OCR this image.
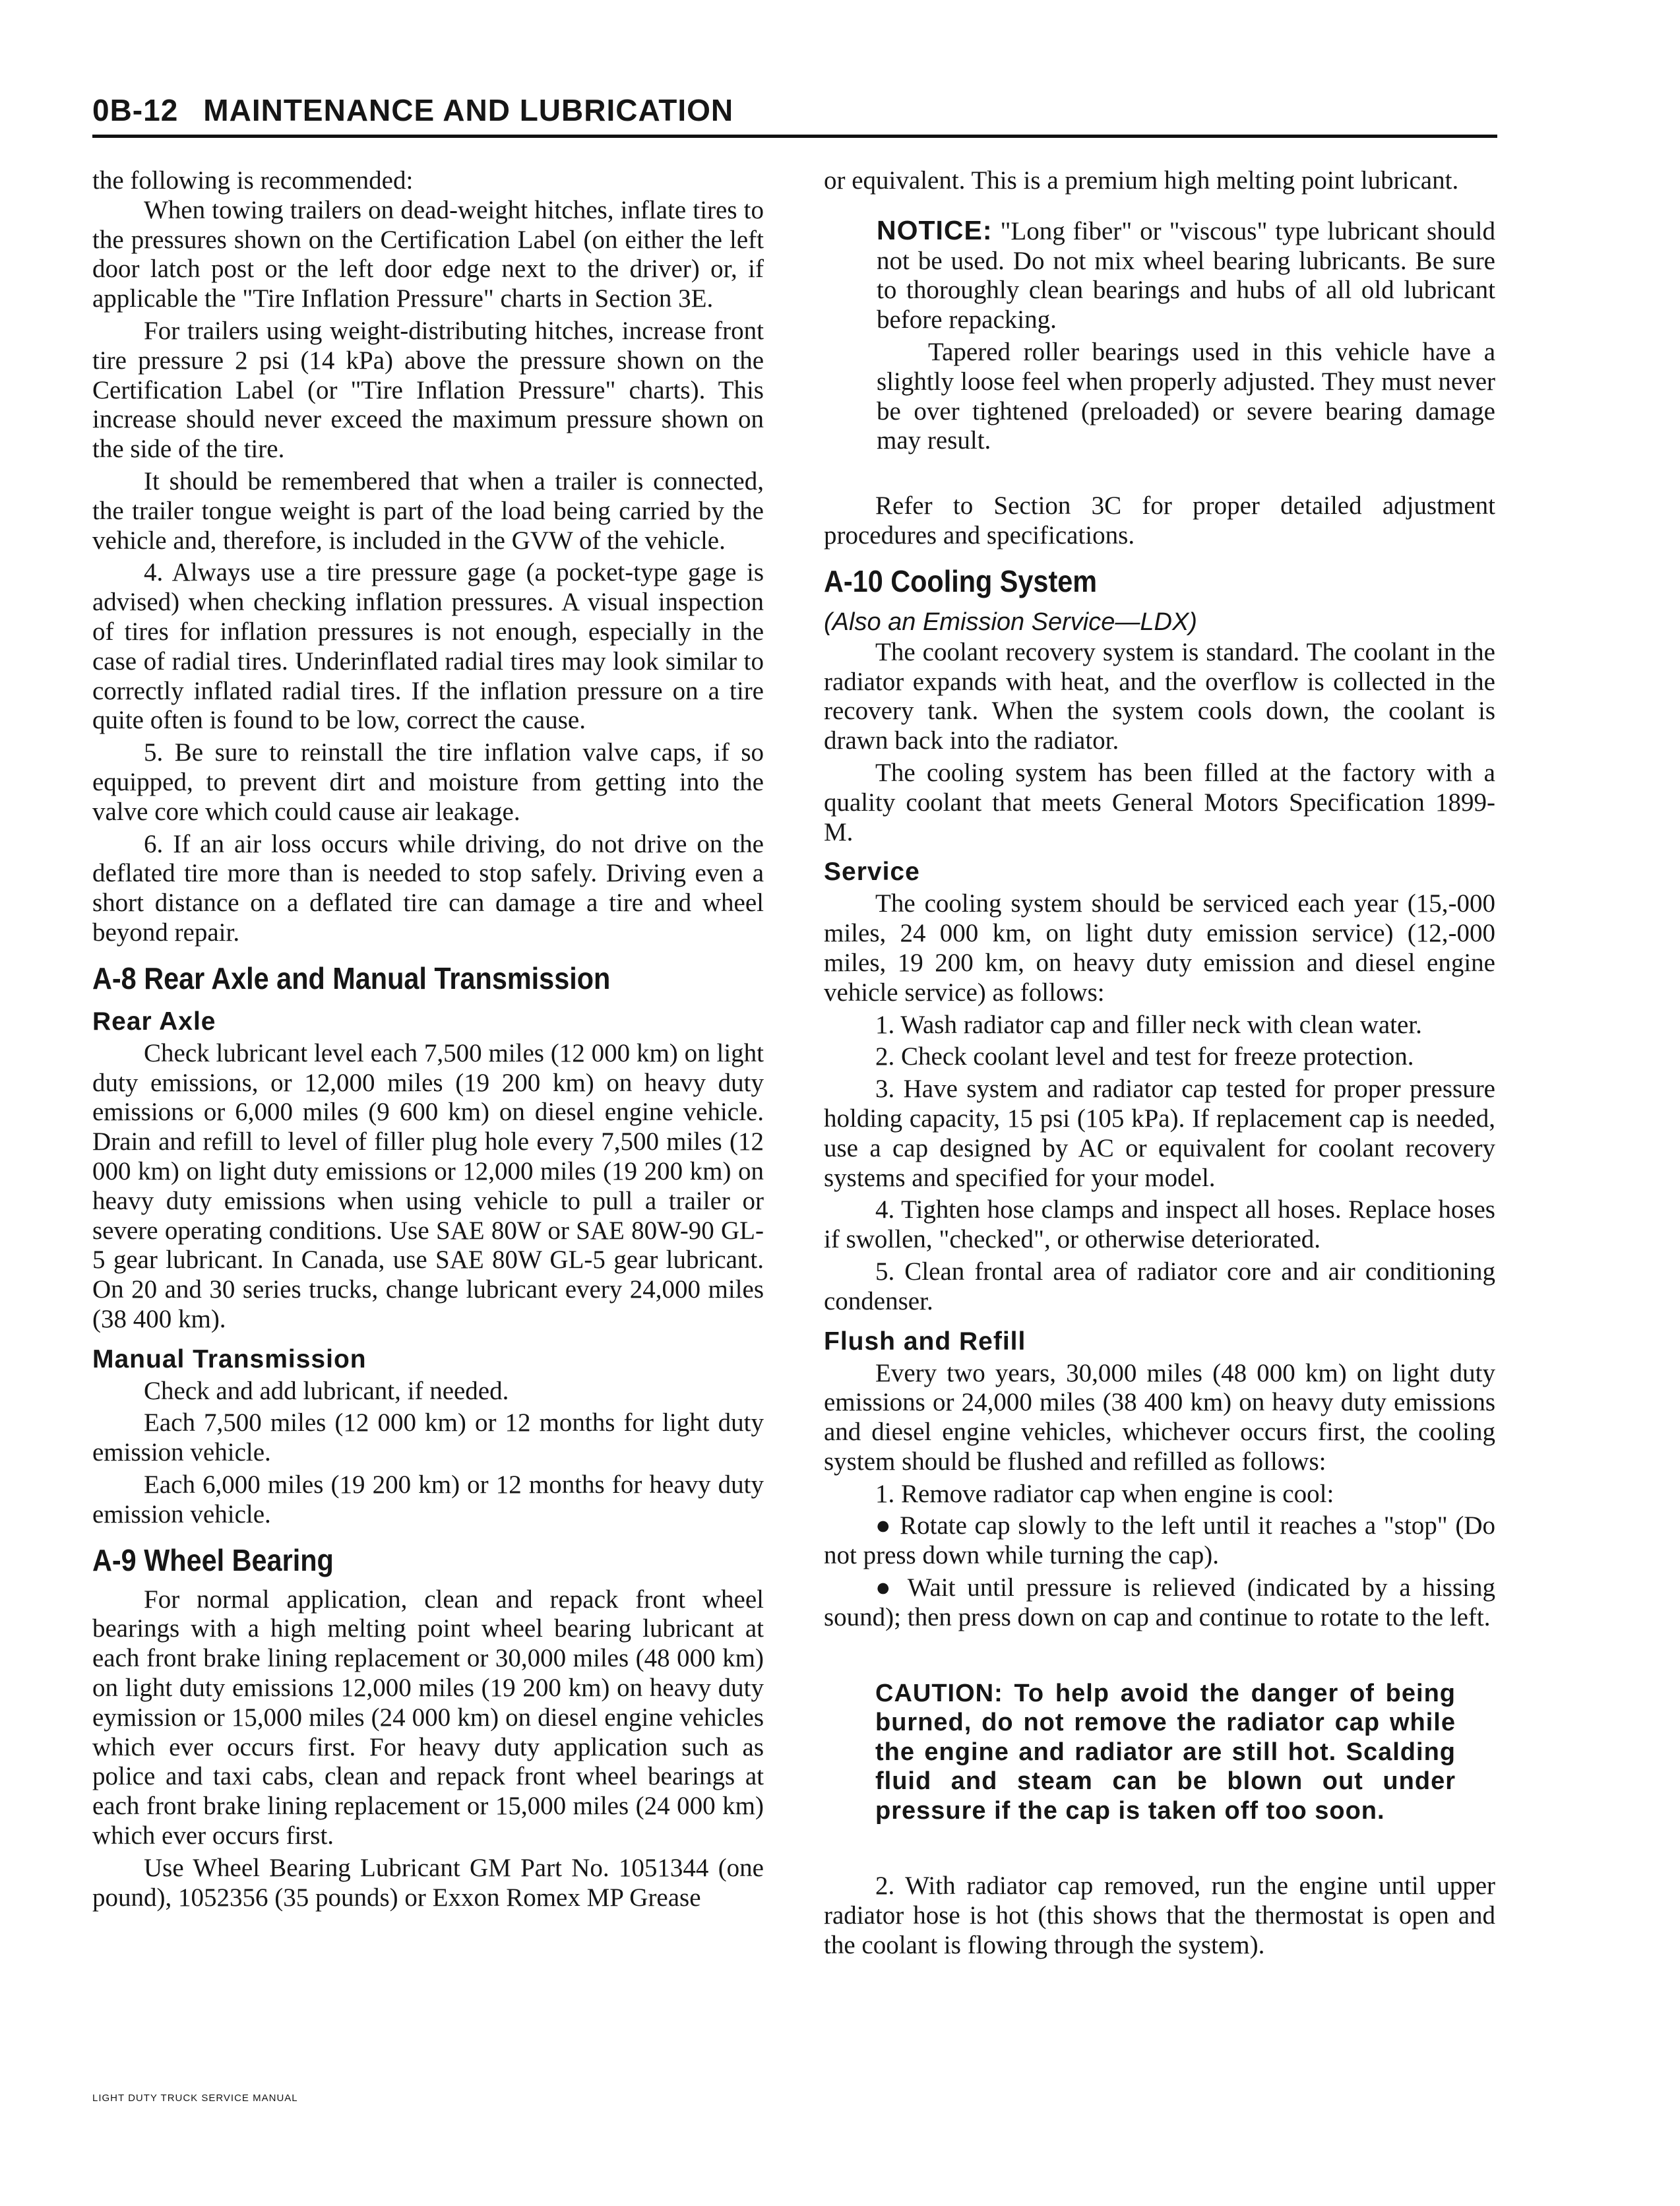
0B-12 MAINTENANCE AND LUBRICATION

the following is recommended:

When towing trailers on dead-weight hitches, inflate tires to the pressures shown on the Certification Label (on either the left door latch post or the left door edge next to the driver) or, if applicable the "Tire Inflation Pressure" charts in Section 3E.

For trailers using weight-distributing hitches, increase front tire pressure 2 psi (14 kPa) above the pressure shown on the Certification Label (or "Tire Inflation Pressure" charts). This increase should never exceed the maximum pressure shown on the side of the tire.

It should be remembered that when a trailer is connected, the trailer tongue weight is part of the load being carried by the vehicle and, therefore, is included in the GVW of the vehicle.

4. Always use a tire pressure gage (a pocket-type gage is advised) when checking inflation pressures. A visual inspection of tires for inflation pressures is not enough, especially in the case of radial tires. Underinflated radial tires may look similar to correctly inflated radial tires. If the inflation pressure on a tire quite often is found to be low, correct the cause.

5. Be sure to reinstall the tire inflation valve caps, if so equipped, to prevent dirt and moisture from getting into the valve core which could cause air leakage.

6. If an air loss occurs while driving, do not drive on the deflated tire more than is needed to stop safely. Driving even a short distance on a deflated tire can damage a tire and wheel beyond repair.

A-8 Rear Axle and Manual Transmission
Rear Axle

Check lubricant level each 7,500 miles (12 000 km) on light duty emissions, or 12,000 miles (19 200 km) on heavy duty emissions or 6,000 miles (9 600 km) on diesel engine vehicle. Drain and refill to level of filler plug hole every 7,500 miles (12 000 km) on light duty emissions or 12,000 miles (19 200 km) on heavy duty emissions when using vehicle to pull a trailer or severe operating conditions. Use SAE 80W or SAE 80W-90 GL-5 gear lubricant. In Canada, use SAE 80W GL-5 gear lubricant. On 20 and 30 series trucks, change lubricant every 24,000 miles (38 400 km).

Manual Transmission

Check and add lubricant, if needed.

Each 7,500 miles (12 000 km) or 12 months for light duty emission vehicle.

Each 6,000 miles (19 200 km) or 12 months for heavy duty emission vehicle.

A-9 Wheel Bearing

For normal application, clean and repack front wheel bearings with a high melting point wheel bearing lubricant at each front brake lining replacement or 30,000 miles (48 000 km) on light duty emissions 12,000 miles (19 200 km) on heavy duty eymission or 15,000 miles (24 000 km) on diesel engine vehicles which ever occurs first. For heavy duty application such as police and taxi cabs, clean and repack front wheel bearings at each front brake lining replacement or 15,000 miles (24 000 km) which ever occurs first.

Use Wheel Bearing Lubricant GM Part No. 1051344 (one pound), 1052356 (35 pounds) or Exxon Romex MP Grease

or equivalent. This is a premium high melting point lubricant.

NOTICE: "Long fiber" or "viscous" type lubricant should not be used. Do not mix wheel bearing lubricants. Be sure to thoroughly clean bearings and hubs of all old lubricant before repacking.

Tapered roller bearings used in this vehicle have a slightly loose feel when properly adjusted. They must never be over tightened (preloaded) or severe bearing damage may result.

Refer to Section 3C for proper detailed adjustment procedures and specifications.

A-10 Cooling System

(Also an Emission Service—LDX)

The coolant recovery system is standard. The coolant in the radiator expands with heat, and the overflow is collected in the recovery tank. When the system cools down, the coolant is drawn back into the radiator.

The cooling system has been filled at the factory with a quality coolant that meets General Motors Specification 1899-M.

Service

The cooling system should be serviced each year (15,-000 miles, 24 000 km, on light duty emission service) (12,-000 miles, 19 200 km, on heavy duty emission and diesel engine vehicle service) as follows:

1. Wash radiator cap and filler neck with clean water.

2. Check coolant level and test for freeze protection.

3. Have system and radiator cap tested for proper pressure holding capacity, 15 psi (105 kPa). If replacement cap is needed, use a cap designed by AC or equivalent for coolant recovery systems and specified for your model.

4. Tighten hose clamps and inspect all hoses. Replace hoses if swollen, "checked", or otherwise deteriorated.

5. Clean frontal area of radiator core and air conditioning condenser.

Flush and Refill

Every two years, 30,000 miles (48 000 km) on light duty emissions or 24,000 miles (38 400 km) on heavy duty emissions and diesel engine vehicles, whichever occurs first, the cooling system should be flushed and refilled as follows:

1. Remove radiator cap when engine is cool:

● Rotate cap slowly to the left until it reaches a "stop" (Do not press down while turning the cap).

● Wait until pressure is relieved (indicated by a hissing sound); then press down on cap and continue to rotate to the left.

CAUTION: To help avoid the danger of being burned, do not remove the radiator cap while the engine and radiator are still hot. Scalding fluid and steam can be blown out under pressure if the cap is taken off too soon.

2. With radiator cap removed, run the engine until upper radiator hose is hot (this shows that the thermostat is open and the coolant is flowing through the system).

LIGHT DUTY TRUCK SERVICE MANUAL
